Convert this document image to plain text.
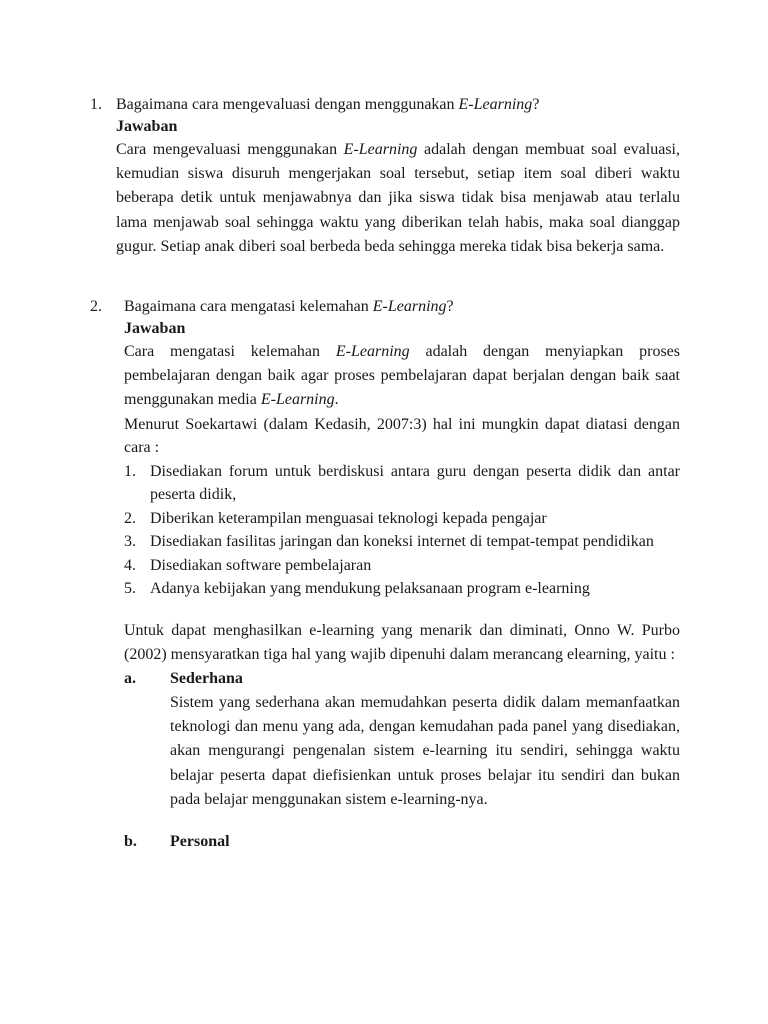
1. Bagaimana cara mengevaluasi dengan menggunakan E-Learning?
Jawaban

Cara mengevaluasi menggunakan E-Learning adalah dengan membuat soal evaluasi, kemudian siswa disuruh mengerjakan soal tersebut, setiap item soal diberi waktu beberapa detik untuk menjawabnya dan jika siswa tidak bisa menjawab atau terlalu lama menjawab soal sehingga waktu yang diberikan telah habis, maka soal dianggap gugur. Setiap anak diberi soal berbeda beda sehingga mereka tidak bisa bekerja sama.

2.	Bagaimana cara mengatasi kelemahan E-Learning?
Jawaban

Cara mengatasi kelemahan E-Learning adalah dengan menyiapkan proses pembelajaran dengan baik agar proses pembelajaran dapat berjalan dengan baik saat menggunakan media E-Learning.

Menurut Soekartawi (dalam Kedasih, 2007:3) hal ini mungkin dapat diatasi dengan cara :

1. Disediakan forum untuk berdiskusi antara guru dengan peserta didik dan antar peserta didik,
2. Diberikan keterampilan menguasai teknologi kepada pengajar
3. Disediakan fasilitas jaringan dan koneksi internet di tempat-tempat pendidikan
4. Disediakan software pembelajaran
5. Adanya kebijakan yang mendukung pelaksanaan program e-learning

Untuk dapat menghasilkan e-learning yang menarik dan diminati, Onno W. Purbo (2002) mensyaratkan tiga hal yang wajib dipenuhi dalam merancang elearning, yaitu :

a.	Sederhana

Sistem yang sederhana akan memudahkan peserta didik dalam memanfaatkan teknologi dan menu yang ada, dengan kemudahan pada panel yang disediakan, akan mengurangi pengenalan sistem e-learning itu sendiri, sehingga waktu belajar peserta dapat diefisienkan untuk proses belajar itu sendiri dan bukan pada belajar menggunakan sistem e-learning-nya.

b.	Personal
